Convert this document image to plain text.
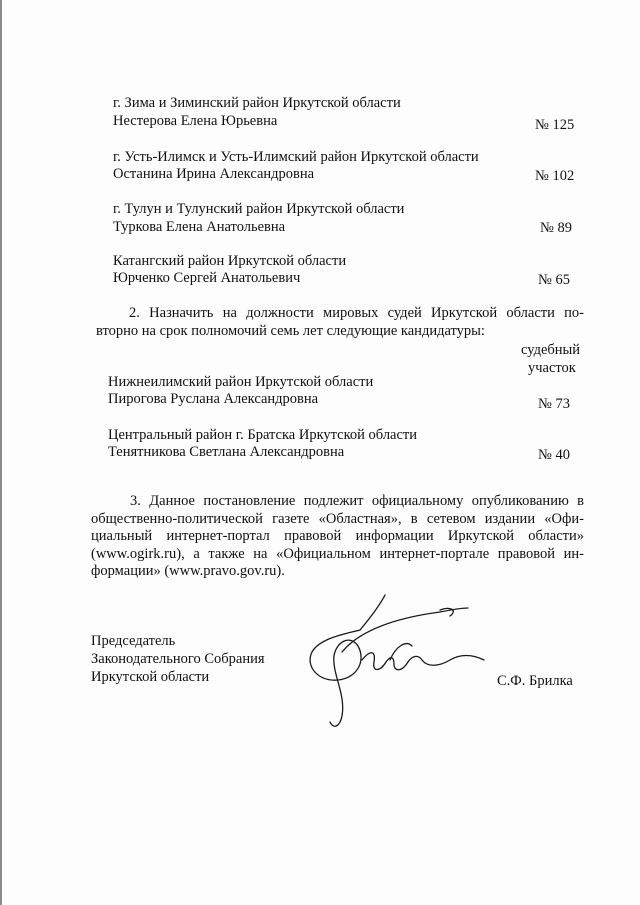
г. Зима и Зиминский район Иркутской области
Нестерова Елена Юрьевна	№ 125
г. Усть-Илимск и Усть-Илимский район Иркутской области
Останина Ирина Александровна	№ 102
г. Тулун и Тулунский район Иркутской области
Туркова Елена Анатольевна	№ 89
Катангский район Иркутской области
Юрченко Сергей Анатольевич	№ 65
2. Назначить на должности мировых судей Иркутской области по-
вторно на срок полномочий семь лет следующие кандидатуры:
судебный
участок
Нижнеилимский район Иркутской области
Пирогова Руслана Александровна	№ 73
Центральный район г. Братска Иркутской области
Тенятникова Светлана Александровна	№ 40
3. Данное постановление подлежит официальному опубликованию в
общественно-политической газете «Областная», в сетевом издании «Офи-
циальный интернет-портал правовой информации Иркутской области»
(www.ogirk.ru), а также на «Официальном интернет-портале правовой ин-
формации» (www.pravo.gov.ru).
Председатель
Законодательного Собрания
Иркутской области	С.Ф. Брилка
